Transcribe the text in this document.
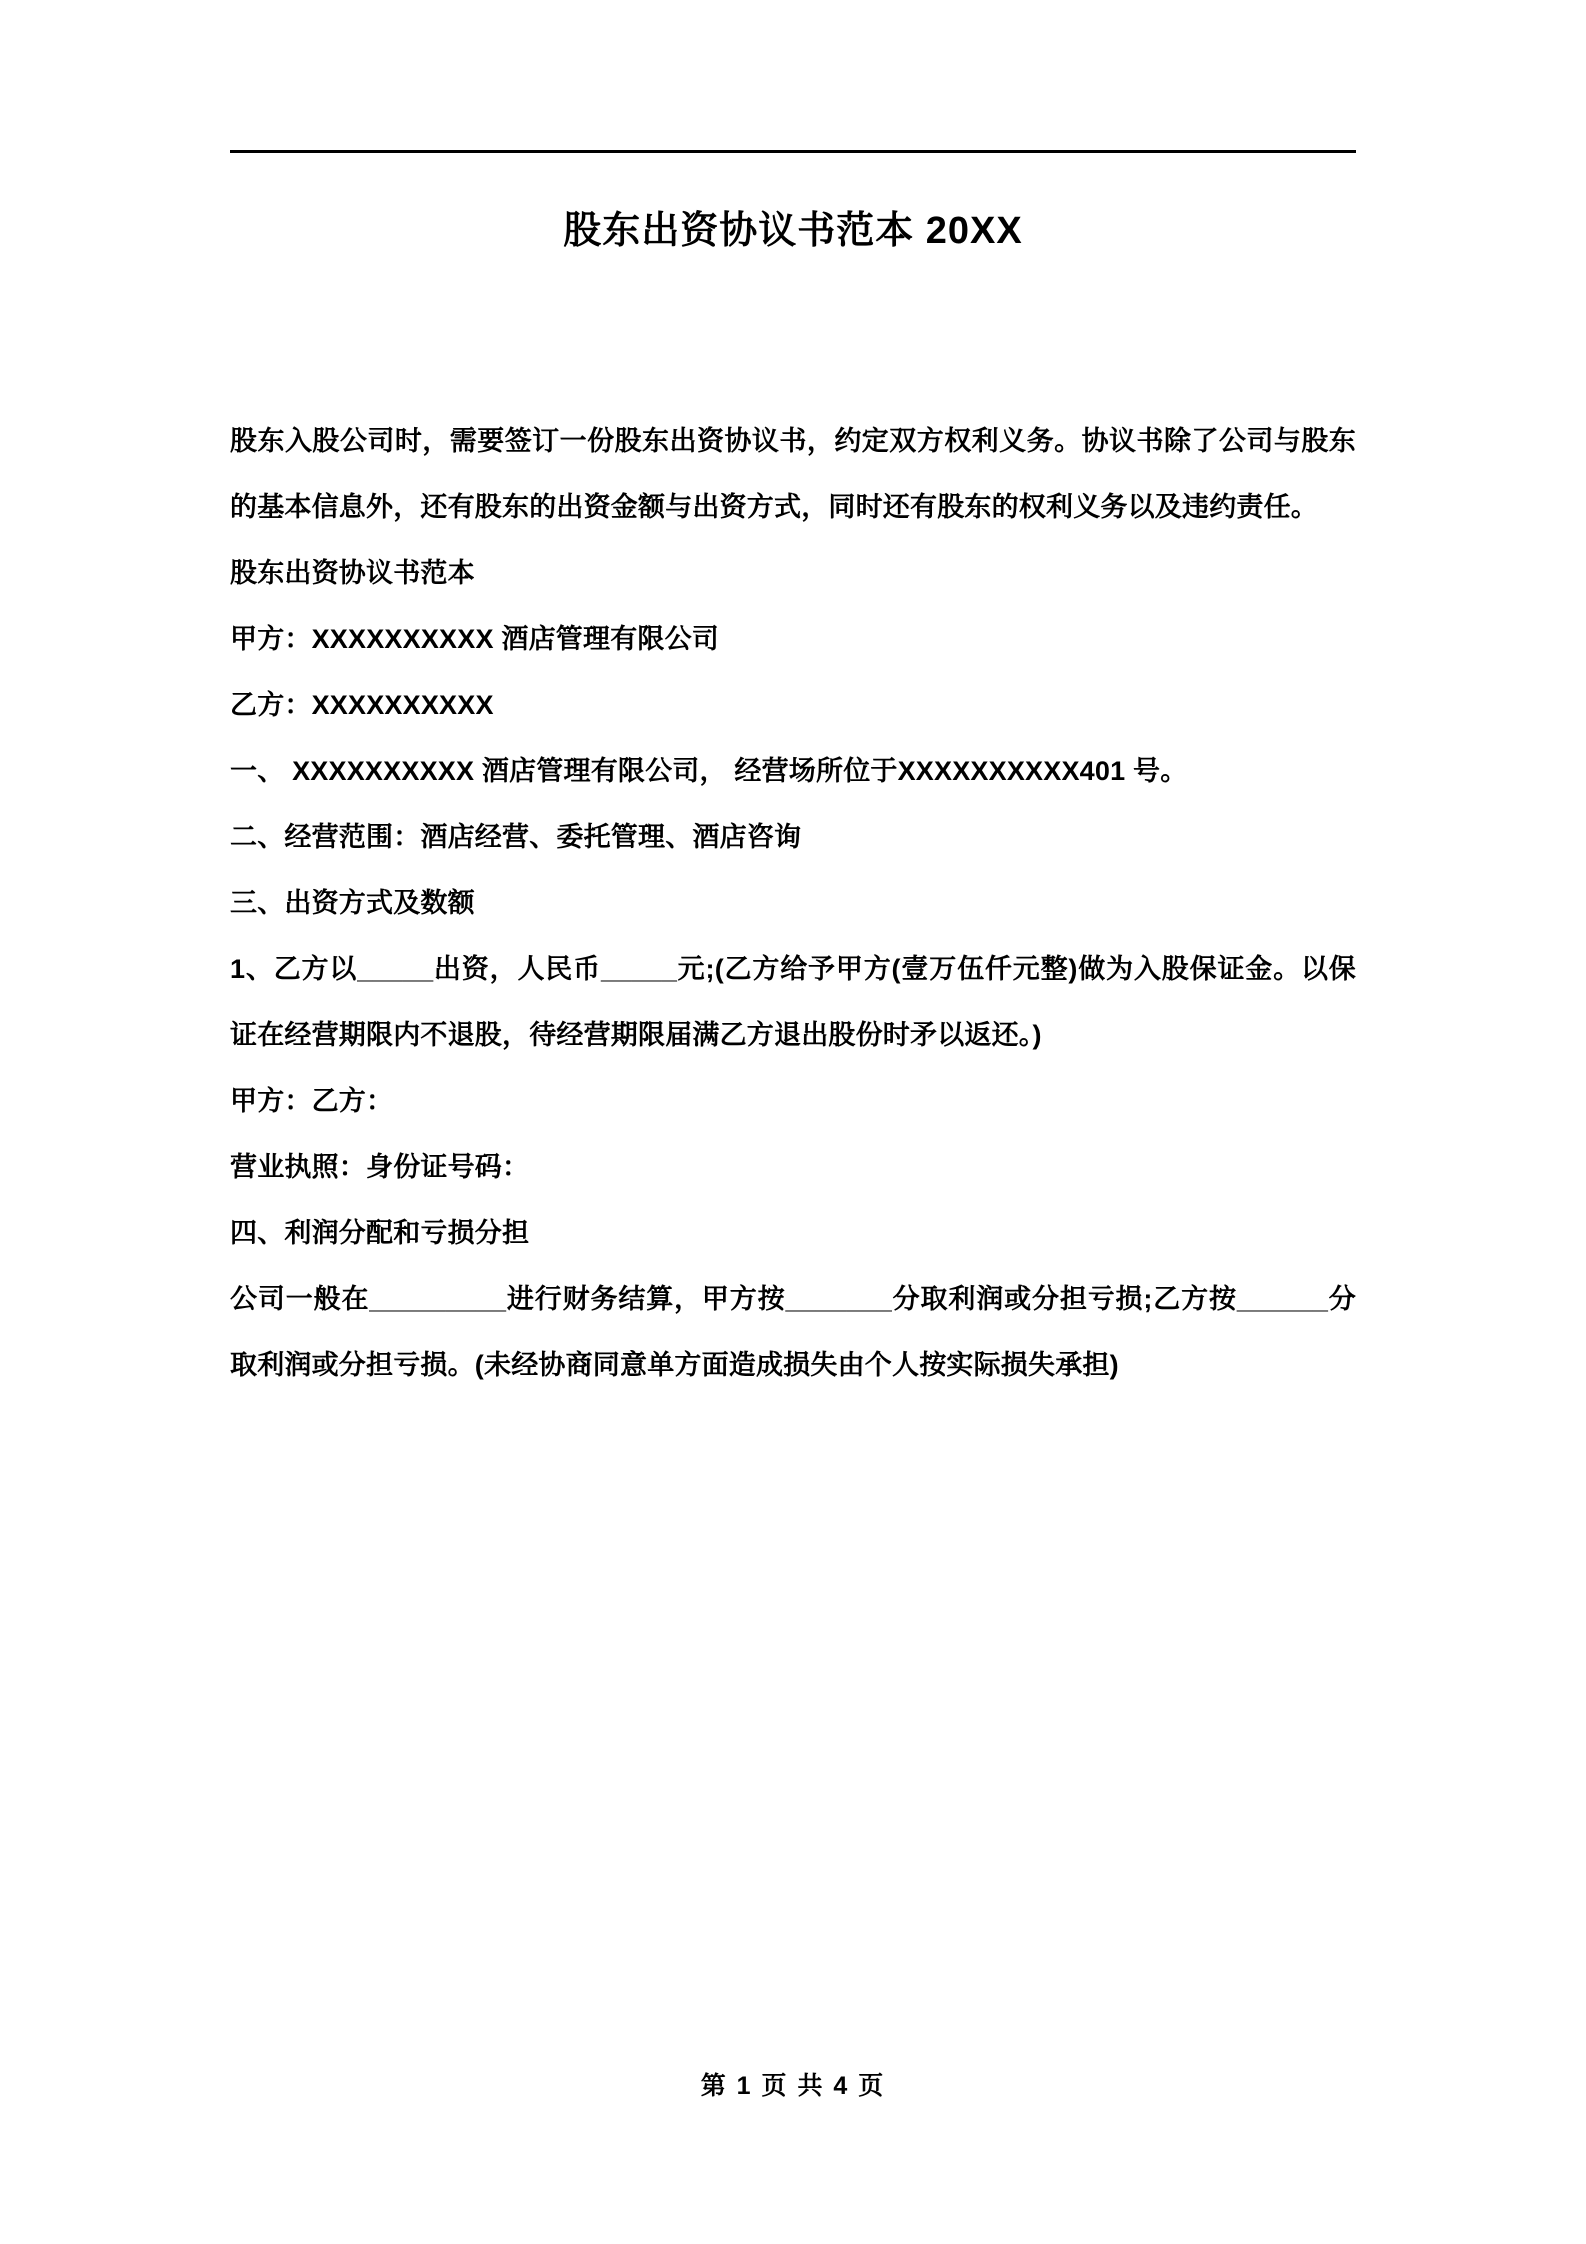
股东出资协议书范本 20XX

股东入股公司时，需要签订一份股东出资协议书，约定双方权利义务。协议书除了公司与股东的基本信息外，还有股东的出资金额与出资方式，同时还有股东的权利义务以及违约责任。

股东出资协议书范本

甲方：XXXXXXXXXX 酒店管理有限公司

乙方：XXXXXXXXXX

一、 XXXXXXXXXX 酒店管理有限公司， 经营场所位于XXXXXXXXXX401 号。

二、经营范围：酒店经营、委托管理、酒店咨询

三、出资方式及数额

1、乙方以_____出资，人民币_____元;(乙方给予甲方(壹万伍仟元整)做为入股保证金。以保证在经营期限内不退股，待经营期限届满乙方退出股份时矛以返还。)

甲方：乙方：

营业执照：身份证号码：

四、利润分配和亏损分担

公司一般在_________进行财务结算，甲方按_______分取利润或分担亏损;乙方按______分取利润或分担亏损。(未经协商同意单方面造成损失由个人按实际损失承担)

第 1 页 共 4 页
